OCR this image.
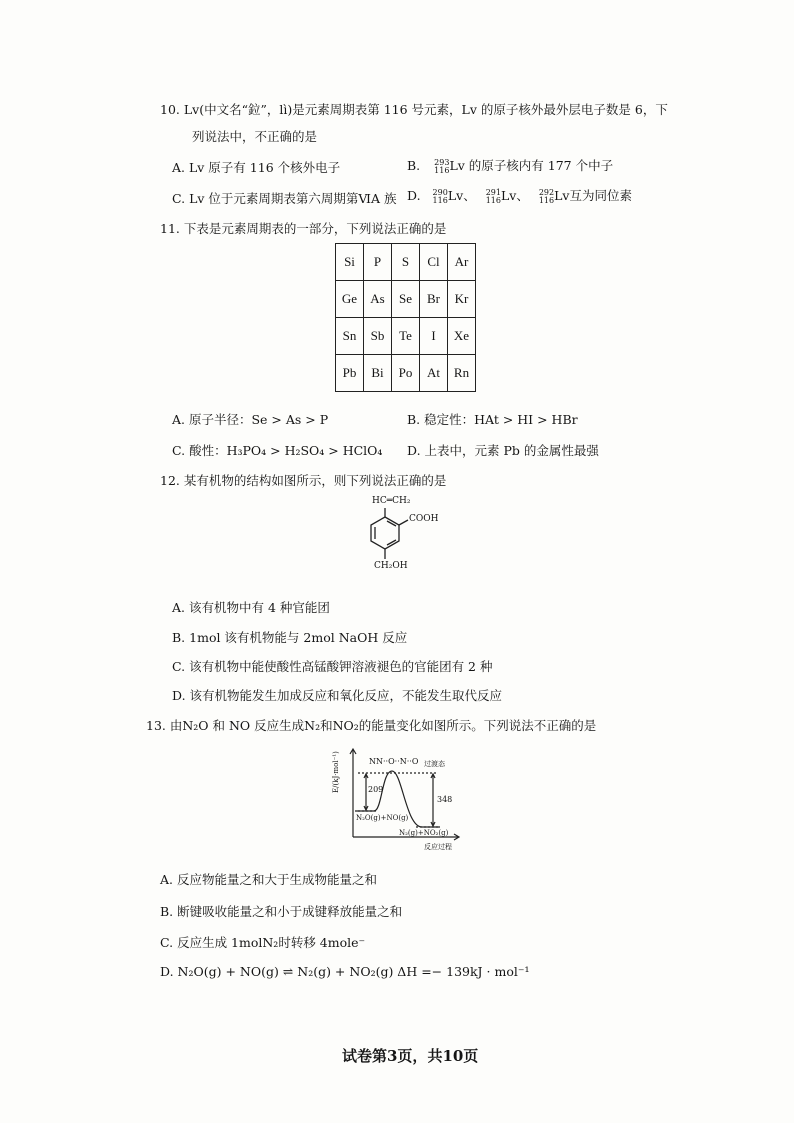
10. Lv(中文名“鉝”，lì)是元素周期表第 116 号元素，Lv 的原子核外最外层电子数是 6，下
列说法中，不正确的是
A. Lv 原子有 116 个核外电子	B. 293
116Lv 的原子核内有 177 个中子
C. Lv 位于元素周期表第六周期第ⅥA 族 D. 290
116Lv、 291
116Lv、 292
116Lv互为同位素
11. 下表是元素周期表的一部分，下列说法正确的是
Si	P	S	Cl	Ar
Ge	As	Se	Br	Kr
Sn	Sb	Te	I	Xe
Pb	Bi	Po	At	Rn
A. 原子半径：Se > As > P	B. 稳定性：HAt > HI > HBr
C. 酸性：H₃PO₄ > H₂SO₄ > HClO₄ D. 上表中，元素 Pb 的金属性最强
12. 某有机物的结构如图所示，则下列说法正确的是
HC═CH₂
COOH
CH₂OH
A. 该有机物中有 4 种官能团
B. 1mol 该有机物能与 2mol NaOH 反应
C. 该有机物中能使酸性高锰酸钾溶液褪色的官能团有 2 种
D. 该有机物能发生加成反应和氧化反应，不能发生取代反应
13. 由N₂O 和 NO 反应生成N₂和NO₂的能量变化如图所示。下列说法不正确的是
E/(kJ·mol⁻¹)	NN··O··N··O 过渡态
209
348
N₂O(g)+NO(g)
N₂(g)+NO₂(g)
反应过程
A. 反应物能量之和大于生成物能量之和
B. 断键吸收能量之和小于成键释放能量之和
C. 反应生成 1molN₂时转移 4mole⁻
D. N₂O(g) + NO(g) ⇌ N₂(g) + NO₂(g) ΔH =− 139kJ · mol⁻¹
试卷第3页，共10页
